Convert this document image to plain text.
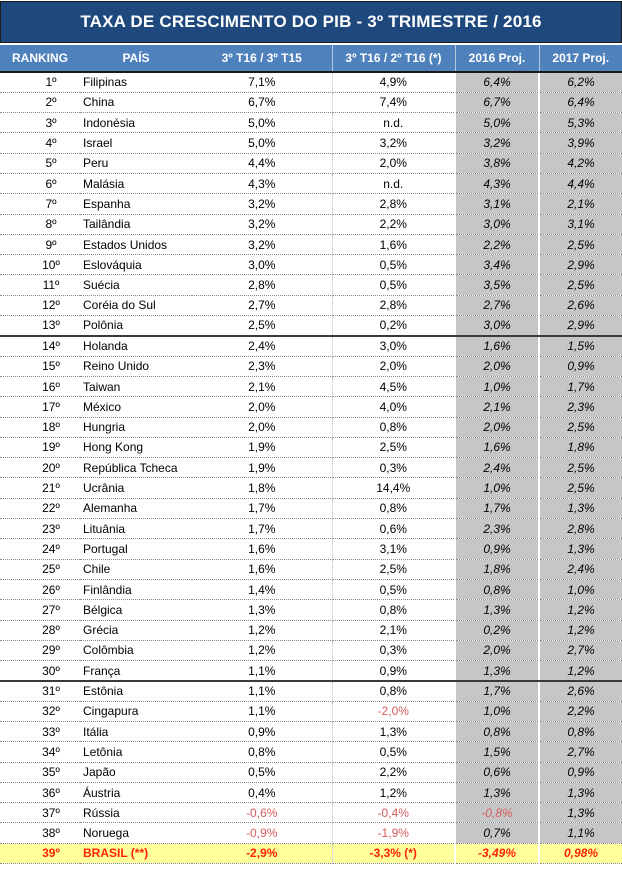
TAXA DE CRESCIMENTO DO PIB - 3º TRIMESTRE / 2016
RANKING	PAÍS	3º T16 / 3º T15	3º T16 / 2º T16 (*)	2016 Proj.	2017 Proj.
1º	Filipinas	7,1%	4,9%	6,4%	6,2%
2º	China	6,7%	7,4%	6,7%	6,4%
3º	Indonésia	5,0%	n.d.	5,0%	5,3%
4º	Israel	5,0%	3,2%	3,2%	3,9%
5º	Peru	4,4%	2,0%	3,8%	4,2%
6º	Malásia	4,3%	n.d.	4,3%	4,4%
7º	Espanha	3,2%	2,8%	3,1%	2,1%
8º	Tailândia	3,2%	2,2%	3,0%	3,1%
9º	Estados Unidos	3,2%	1,6%	2,2%	2,5%
10º	Eslováquia	3,0%	0,5%	3,4%	2,9%
11º	Suécia	2,8%	0,5%	3,5%	2,5%
12º	Coréia do Sul	2,7%	2,8%	2,7%	2,6%
13º	Polônia	2,5%	0,2%	3,0%	2,9%
14º	Holanda	2,4%	3,0%	1,6%	1,5%
15º	Reino Unido	2,3%	2,0%	2,0%	0,9%
16º	Taiwan	2,1%	4,5%	1,0%	1,7%
17º	México	2,0%	4,0%	2,1%	2,3%
18º	Hungria	2,0%	0,8%	2,0%	2,5%
19º	Hong Kong	1,9%	2,5%	1,6%	1,8%
20º	República Tcheca	1,9%	0,3%	2,4%	2,5%
21º	Ucrânia	1,8%	14,4%	1,0%	2,5%
22º	Alemanha	1,7%	0,8%	1,7%	1,3%
23º	Lituânia	1,7%	0,6%	2,3%	2,8%
24º	Portugal	1,6%	3,1%	0,9%	1,3%
25º	Chile	1,6%	2,5%	1,8%	2,4%
26º	Finlândia	1,4%	0,5%	0,8%	1,0%
27º	Bélgica	1,3%	0,8%	1,3%	1,2%
28º	Grécia	1,2%	2,1%	0,2%	1,2%
29º	Colômbia	1,2%	0,3%	2,0%	2,7%
30º	França	1,1%	0,9%	1,3%	1,2%
31º	Estônia	1,1%	0,8%	1,7%	2,6%
32º	Cingapura	1,1%	-2,0%	1,0%	2,2%
33º	Itália	0,9%	1,3%	0,8%	0,8%
34º	Letônia	0,8%	0,5%	1,5%	2,7%
35º	Japão	0,5%	2,2%	0,6%	0,9%
36º	Áustria	0,4%	1,2%	1,3%	1,3%
37º	Rússia	-0,6%	-0,4%	-0,8%	1,3%
38º	Noruega	-0,9%	-1,9%	0,7%	1,1%
39º	BRASIL (**)	-2,9%	-3,3% (*)	-3,49%	0,98%
